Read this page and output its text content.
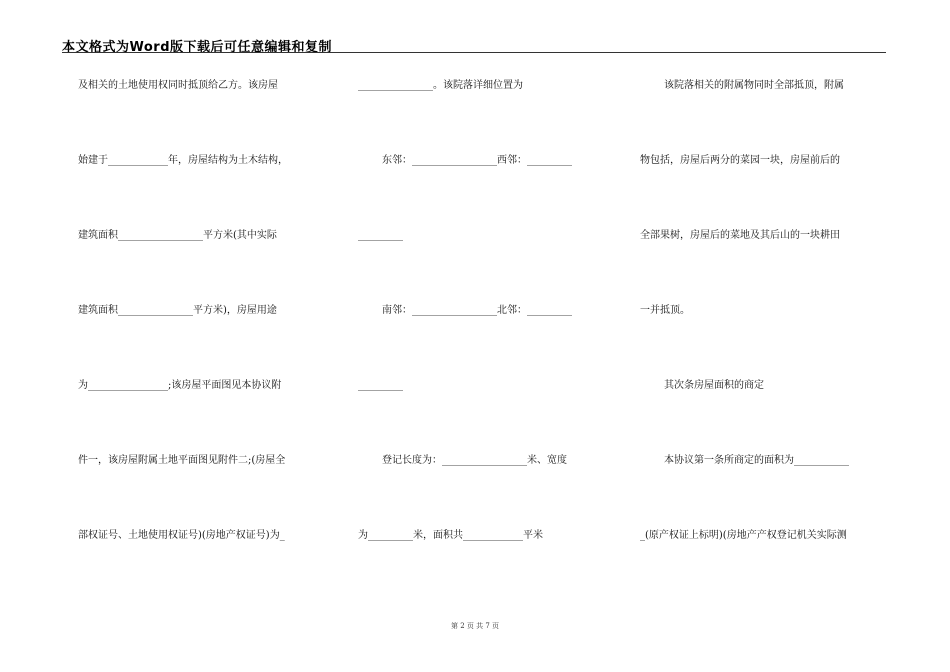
本文格式为Word版下载后可任意编辑和复制
及相关的土地使用权同时抵顶给乙方。该房屋
始建于____________年，房屋结构为土木结构，
建筑面积_________________平方米(其中实际
建筑面积_______________平方米)，房屋用途
为________________;该房屋平面图见本协议附
件一，该房屋附属土地平面图见附件二;(房屋全
部权证号、土地使用权证号)(房地产权证号)为_
_______________。该院落详细位置为
东邻：_________________西邻：_________
_________
南邻：_________________北邻：_________
_________
登记长度为：_________________米、宽度
为_________米，面积共____________平米
该院落相关的附属物同时全部抵顶，附属
物包括，房屋后两分的菜园一块，房屋前后的
全部果树，房屋后的菜地及其后山的一块耕田
一并抵顶。
其次条房屋面积的商定
本协议第一条所商定的面积为___________
_(原产权证上标明)(房地产产权登记机关实际测
第 2 页 共 7 页
